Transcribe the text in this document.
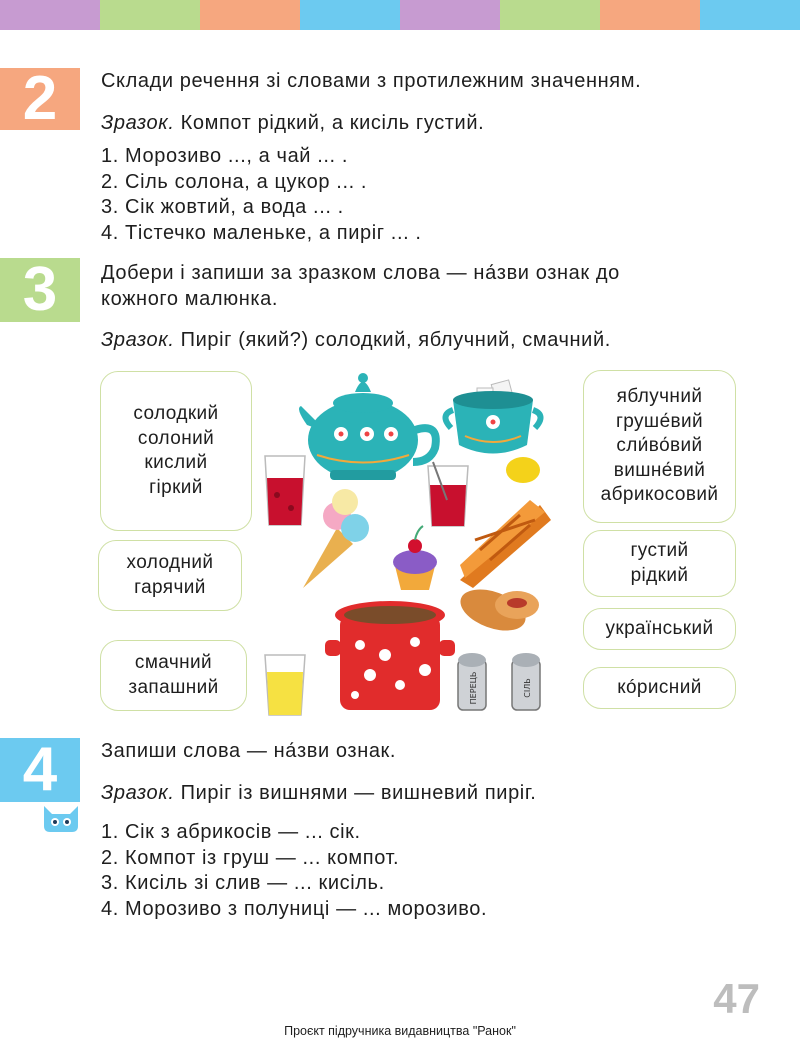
2	Склади речення зі словами з протилежним значенням.
Зразок. Компот рідкий, а кисіль густий.
1. Морозиво ..., а чай ... .
2. Сіль солона, а цукор ... .
3. Сік жовтий, а вода ... .
4. Тістечко маленьке, а пиріг ... .
3	Добери і запиши за зразком слова — на́зви ознак до
кожного малюнка.
Зразок. Пиріг (який?) солодкий, яблучний, смачний.
солодкий
солоний
кислий
гіркий
холодний
гарячий
смачний
запашний
яблучний
груше́вий
сли́во́вий
вишне́вий
абрикосовий
густий
рідкий
український
кóрисний
ПЕРЕЦЬ	СІЛЬ
4	Запиши слова — на́зви ознак.
Зразок. Пиріг із вишнями — вишневий пиріг.
1. Сік з абрикосів — ... сік.
2. Компот із груш — ... компот.
3. Кисіль зі слив — ... кисіль.
4. Морозиво з полуниці — ... морозиво.
47
Проєкт підручника видавництва "Ранок"
